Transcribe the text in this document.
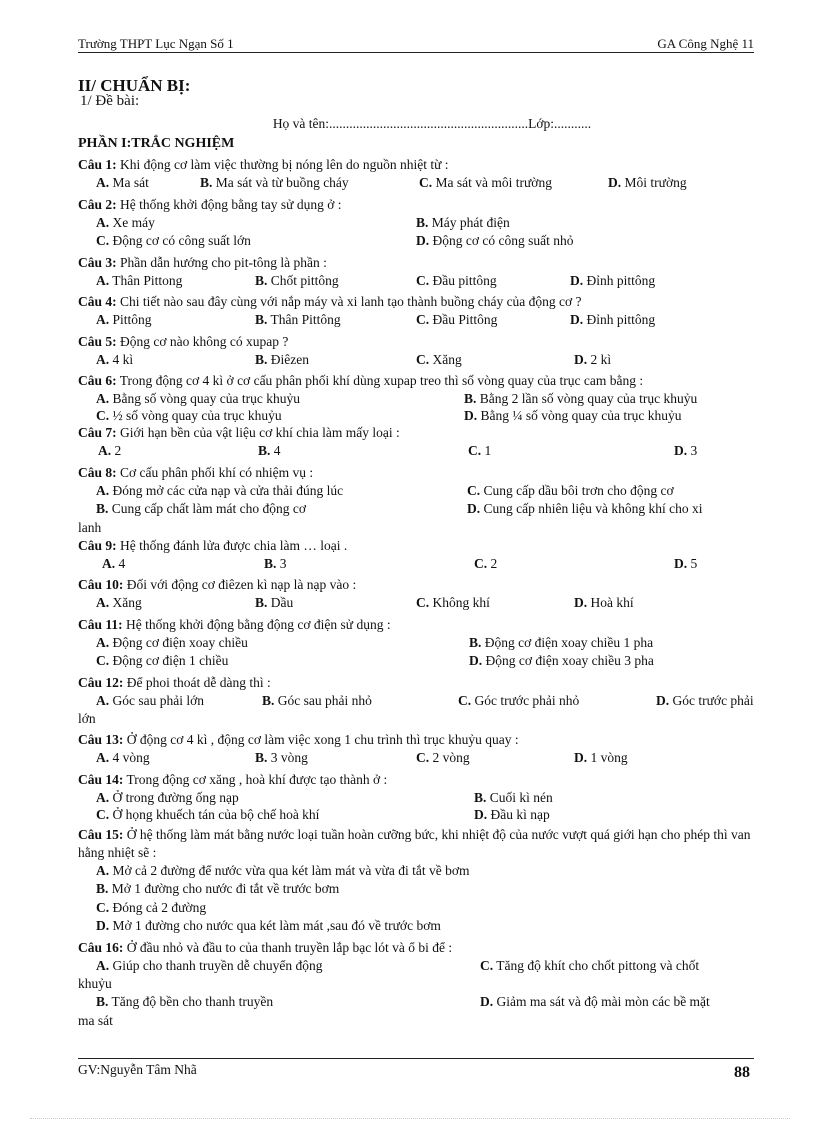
Trường THPT Lục Ngạn Số 1	GA Công Nghệ 11
II/ CHUẨN BỊ:
1/ Đề bài:
Họ và tên:...........................................................Lớp:...........
PHẦN I:TRẮC NGHIỆM
Câu 1: Khi động cơ làm việc thường bị nóng lên do nguồn nhiệt từ :
A. Ma sát	B. Ma sát và từ buồng cháy	C. Ma sát và môi trường	D. Môi trường
Câu 2: Hệ thống khởi động bằng tay sử dụng ở :
A. Xe máy	B. Máy phát điện
C. Động cơ có công suất lớn	D. Động cơ có công suất nhỏ
Câu 3: Phần dẫn hướng cho pit-tông là phần :
A. Thân Pittong	B. Chốt pittông	C. Đầu pittông	D. Đỉnh pittông
Câu 4: Chi tiết nào sau đây cùng với nắp máy và xi lanh tạo thành buồng cháy của động cơ ?
A. Pittông	B. Thân Pittông	C. Đầu Pittông	D. Đỉnh pittông
Câu 5: Động cơ nào không có xupap ?
A. 4 kì	B. Điêzen	C. Xăng	D. 2 kì
Câu 6: Trong động cơ 4 kì ở cơ cấu phân phối khí dùng xupap treo thì số vòng quay của trục cam bằng :
A. Bằng số vòng quay của trục khuỷu	B. Bằng 2 lần số vòng quay của trục khuỷu
C. ½ số vòng quay của trục khuỷu	D. Bằng ¼ số vòng quay của trục khuỷu
Câu 7: Giới hạn bền của vật liệu cơ khí chia làm mấy loại :
A. 2	B. 4	C. 1	D. 3
Câu 8: Cơ cấu phân phối khí có nhiệm vụ :
A. Đóng mở các cửa nạp và cửa thải đúng lúc	C. Cung cấp dầu bôi trơn cho động cơ
B. Cung cấp chất làm mát cho động cơ	D. Cung cấp nhiên liệu và không khí cho xi
lanh
Câu 9: Hệ thống đánh lửa được chia làm … loại .
A. 4	B. 3	C. 2	D. 5
Câu 10: Đối với động cơ điêzen kì nạp là nạp vào :
A. Xăng	B. Dầu	C. Không khí	D. Hoà khí
Câu 11: Hệ thống khởi động bằng động cơ điện sử dụng :
A. Động cơ điện xoay chiều	B. Động cơ điện xoay chiều 1 pha
C. Động cơ điện 1 chiều	D. Động cơ điện xoay chiều 3 pha
Câu 12: Để phoi thoát dễ dàng thì :
A. Góc sau phải lớn	B. Góc sau phải nhỏ	C. Góc trước phải nhỏ	D. Góc trước phải
lớn
Câu 13: Ở động cơ 4 kì , động cơ làm việc xong 1 chu trình thì trục khuỷu quay :
A. 4 vòng	B. 3 vòng	C. 2 vòng	D. 1 vòng
Câu 14: Trong động cơ xăng , hoà khí được tạo thành ở :
A. Ở trong đường ống nạp	B. Cuối kì nén
C. Ở họng khuếch tán của bộ chế hoà khí	D. Đầu kì nạp
Câu 15: Ở hệ thống làm mát bằng nước loại tuần hoàn cưỡng bức, khi nhiệt độ của nước vượt quá giới hạn cho phép thì van hằng nhiệt sẽ :
A. Mở cả 2 đường để nước vừa qua két làm mát và vừa đi tắt về bơm
B. Mở 1 đường cho nước đi tắt về trước bơm
C. Đóng cả 2 đường
D. Mở 1 đường cho nước qua két làm mát ,sau đó về trước bơm
Câu 16: Ở đầu nhỏ và đầu to của thanh truyền lắp bạc lót và ổ bi để :
A. Giúp cho thanh truyền dễ chuyển động	C. Tăng độ khít cho chốt pittong và chốt
khuỷu
B. Tăng độ bền cho thanh truyền	D. Giảm ma sát và độ mài mòn các bề mặt
ma sát
GV:Nguyễn Tâm Nhã	88
